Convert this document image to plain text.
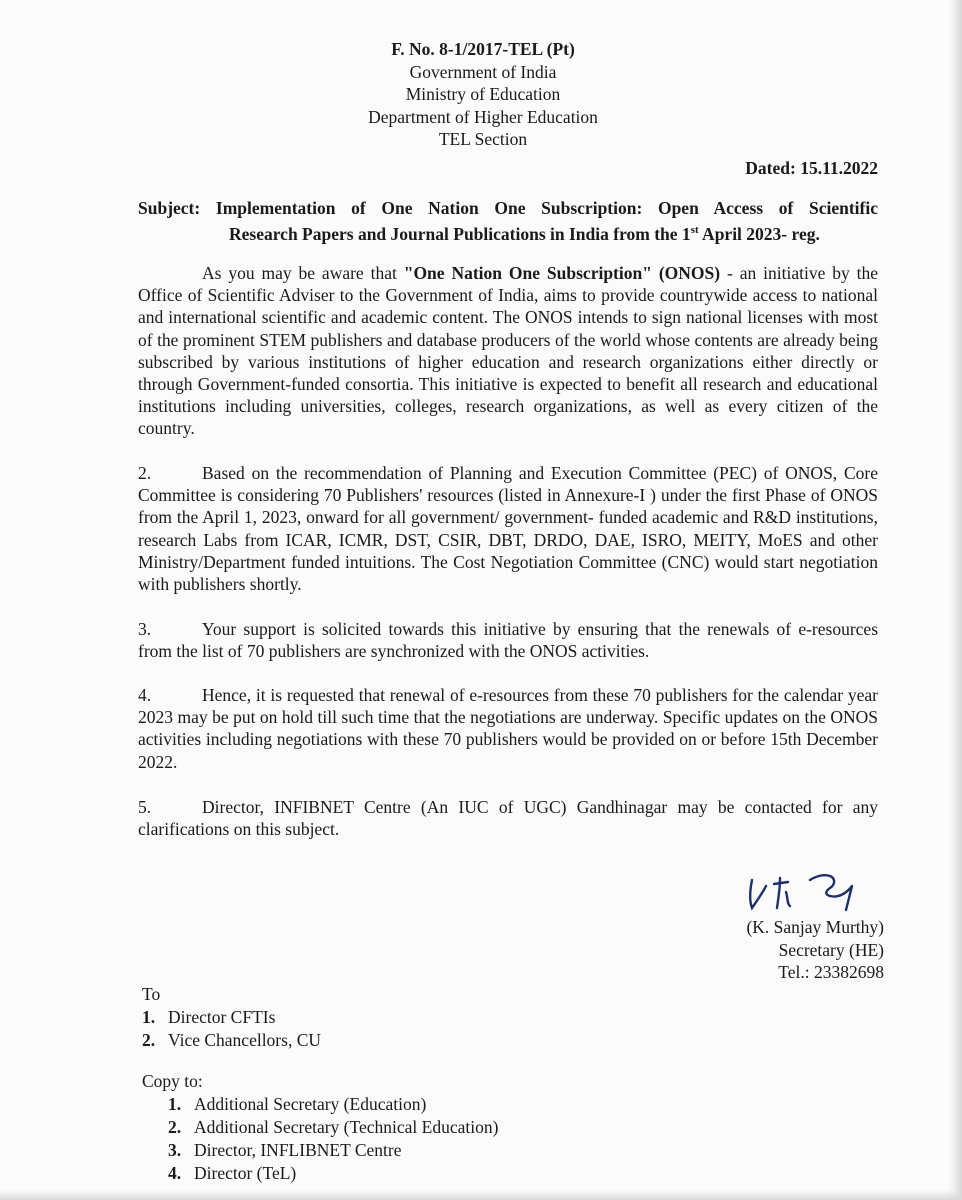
F. No. 8-1/2017-TEL (Pt)
Government of India
Ministry of Education
Department of Higher Education
TEL Section
Dated: 15.11.2022
Subject: Implementation of One Nation One Subscription: Open Access of Scientific
Research Papers and Journal Publications in India from the 1st April 2023- reg.
As you may be aware that "One Nation One Subscription" (ONOS) - an initiative by the Office of Scientific Adviser to the Government of India, aims to provide countrywide access to national and international scientific and academic content. The ONOS intends to sign national licenses with most of the prominent STEM publishers and database producers of the world whose contents are already being subscribed by various institutions of higher education and research organizations either directly or through Government-funded consortia. This initiative is expected to benefit all research and educational institutions including universities, colleges, research organizations, as well as every citizen of the country.
2.	Based on the recommendation of Planning and Execution Committee (PEC) of ONOS, Core Committee is considering 70 Publishers' resources (listed in Annexure-I ) under the first Phase of ONOS from the April 1, 2023, onward for all government/ government- funded academic and R&D institutions, research Labs from ICAR, ICMR, DST, CSIR, DBT, DRDO, DAE, ISRO, MEITY, MoES and other Ministry/Department funded intuitions. The Cost Negotiation Committee (CNC) would start negotiation with publishers shortly.
3.	Your support is solicited towards this initiative by ensuring that the renewals of e-resources from the list of 70 publishers are synchronized with the ONOS activities.
4.	Hence, it is requested that renewal of e-resources from these 70 publishers for the calendar year 2023 may be put on hold till such time that the negotiations are underway. Specific updates on the ONOS activities including negotiations with these 70 publishers would be provided on or before 15th December 2022.
5.	Director, INFIBNET Centre (An IUC of UGC) Gandhinagar may be contacted for any clarifications on this subject.
(K. Sanjay Murthy)
Secretary (HE)
Tel.: 23382698
To
1. Director CFTIs
2. Vice Chancellors, CU
Copy to:
1. Additional Secretary (Education)
2. Additional Secretary (Technical Education)
3. Director, INFLIBNET Centre
4. Director (TeL)
